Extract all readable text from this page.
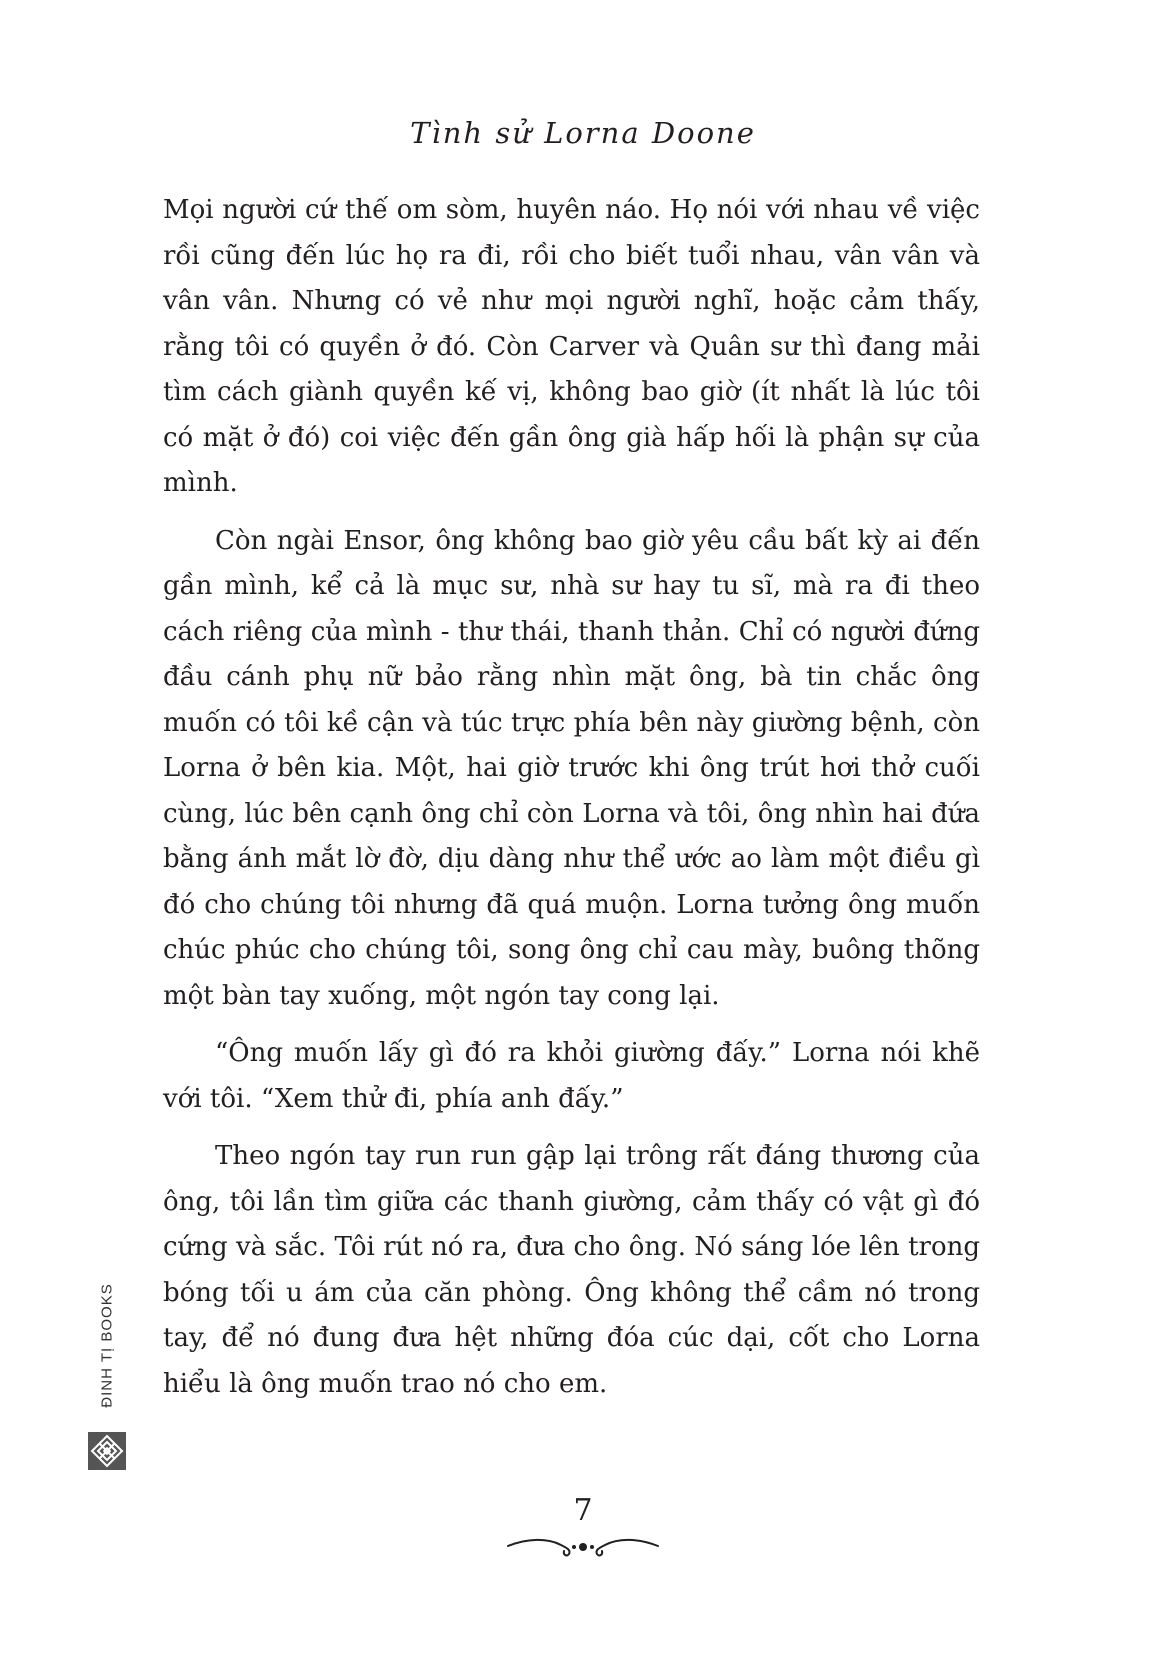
Tình sử Lorna Doone

Mọi người cứ thế om sòm, huyên náo. Họ nói với nhau về việc rồi cũng đến lúc họ ra đi, rồi cho biết tuổi nhau, vân vân và vân vân. Nhưng có vẻ như mọi người nghĩ, hoặc cảm thấy, rằng tôi có quyền ở đó. Còn Carver và Quân sư thì đang mải tìm cách giành quyền kế vị, không bao giờ (ít nhất là lúc tôi có mặt ở đó) coi việc đến gần ông già hấp hối là phận sự của mình.

Còn ngài Ensor, ông không bao giờ yêu cầu bất kỳ ai đến gần mình, kể cả là mục sư, nhà sư hay tu sĩ, mà ra đi theo cách riêng của mình - thư thái, thanh thản. Chỉ có người đứng đầu cánh phụ nữ bảo rằng nhìn mặt ông, bà tin chắc ông muốn có tôi kề cận và túc trực phía bên này giường bệnh, còn Lorna ở bên kia. Một, hai giờ trước khi ông trút hơi thở cuối cùng, lúc bên cạnh ông chỉ còn Lorna và tôi, ông nhìn hai đứa bằng ánh mắt lờ đờ, dịu dàng như thể ước ao làm một điều gì đó cho chúng tôi nhưng đã quá muộn. Lorna tưởng ông muốn chúc phúc cho chúng tôi, song ông chỉ cau mày, buông thõng một bàn tay xuống, một ngón tay cong lại.

“Ông muốn lấy gì đó ra khỏi giường đấy.” Lorna nói khẽ với tôi. “Xem thử đi, phía anh đấy.”

Theo ngón tay run run gập lại trông rất đáng thương của ông, tôi lần tìm giữa các thanh giường, cảm thấy có vật gì đó cứng và sắc. Tôi rút nó ra, đưa cho ông. Nó sáng lóe lên trong bóng tối u ám của căn phòng. Ông không thể cầm nó trong tay, để nó đung đưa hệt những đóa cúc dại, cốt cho Lorna hiểu là ông muốn trao nó cho em.

ĐINH TỊ BOOKS
7
